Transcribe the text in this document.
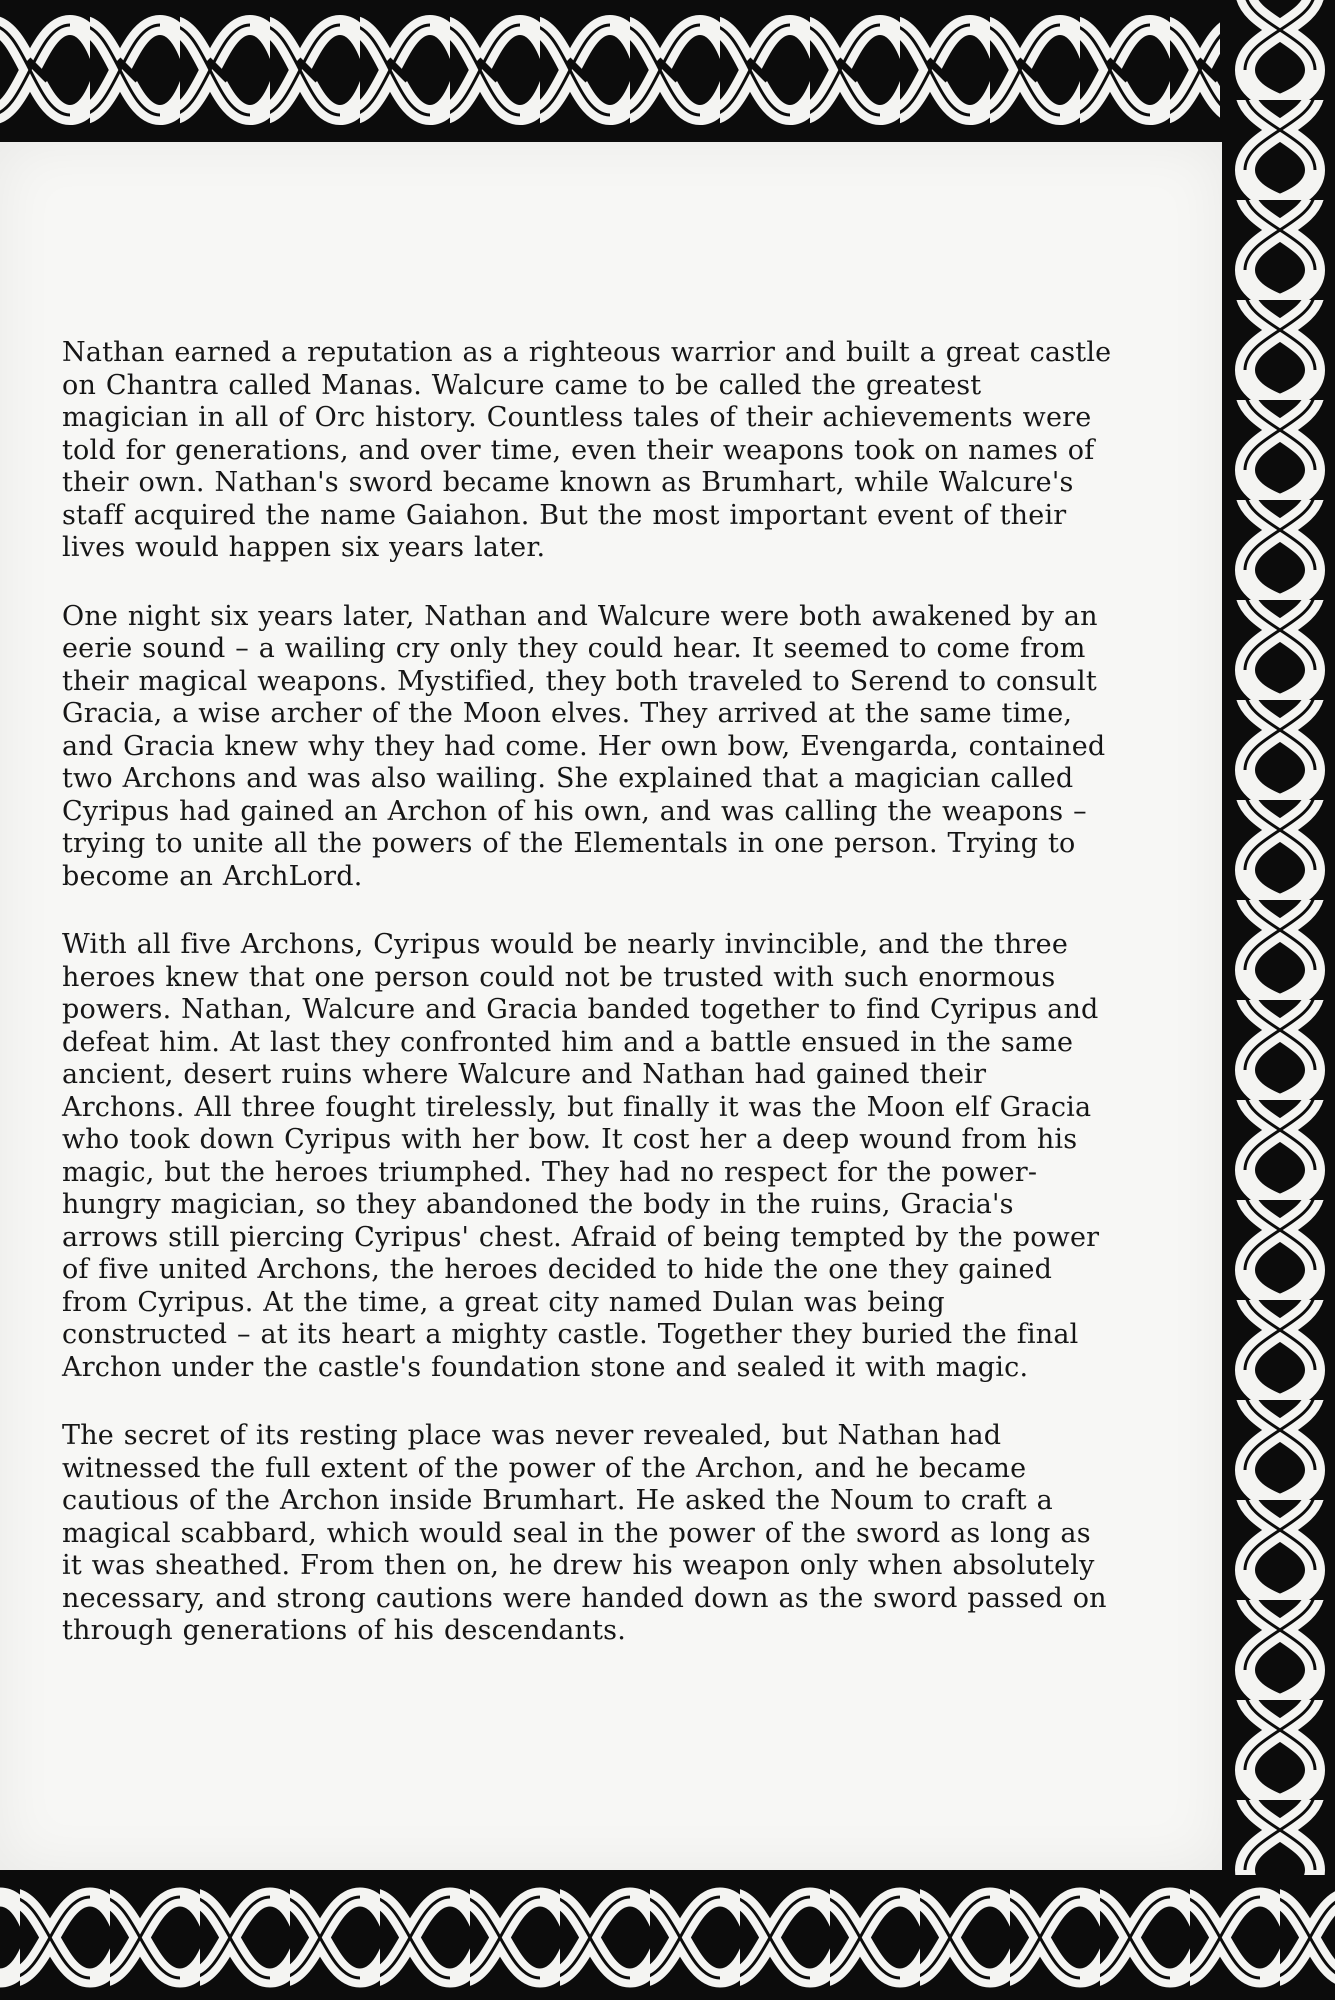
Nathan earned a reputation as a righteous warrior and built a great castle on Chantra called Manas. Walcure came to be called the greatest magician in all of Orc history. Countless tales of their achievements were told for generations, and over time, even their weapons took on names of their own. Nathan's sword became known as Brumhart, while Walcure's staff acquired the name Gaiahon. But the most important event of their lives would happen six years later.

One night six years later, Nathan and Walcure were both awakened by an eerie sound – a wailing cry only they could hear. It seemed to come from their magical weapons. Mystified, they both traveled to Serend to consult Gracia, a wise archer of the Moon elves. They arrived at the same time, and Gracia knew why they had come. Her own bow, Evengarda, contained two Archons and was also wailing. She explained that a magician called Cyripus had gained an Archon of his own, and was calling the weapons – trying to unite all the powers of the Elementals in one person. Trying to become an ArchLord.

With all five Archons, Cyripus would be nearly invincible, and the three heroes knew that one person could not be trusted with such enormous powers. Nathan, Walcure and Gracia banded together to find Cyripus and defeat him. At last they confronted him and a battle ensued in the same ancient, desert ruins where Walcure and Nathan had gained their Archons. All three fought tirelessly, but finally it was the Moon elf Gracia who took down Cyripus with her bow. It cost her a deep wound from his magic, but the heroes triumphed. They had no respect for the power-hungry magician, so they abandoned the body in the ruins, Gracia's arrows still piercing Cyripus' chest. Afraid of being tempted by the power of five united Archons, the heroes decided to hide the one they gained from Cyripus. At the time, a great city named Dulan was being constructed – at its heart a mighty castle. Together they buried the final Archon under the castle's foundation stone and sealed it with magic.

The secret of its resting place was never revealed, but Nathan had witnessed the full extent of the power of the Archon, and he became cautious of the Archon inside Brumhart. He asked the Noum to craft a magical scabbard, which would seal in the power of the sword as long as it was sheathed. From then on, he drew his weapon only when absolutely necessary, and strong cautions were handed down as the sword passed on through generations of his descendants.
